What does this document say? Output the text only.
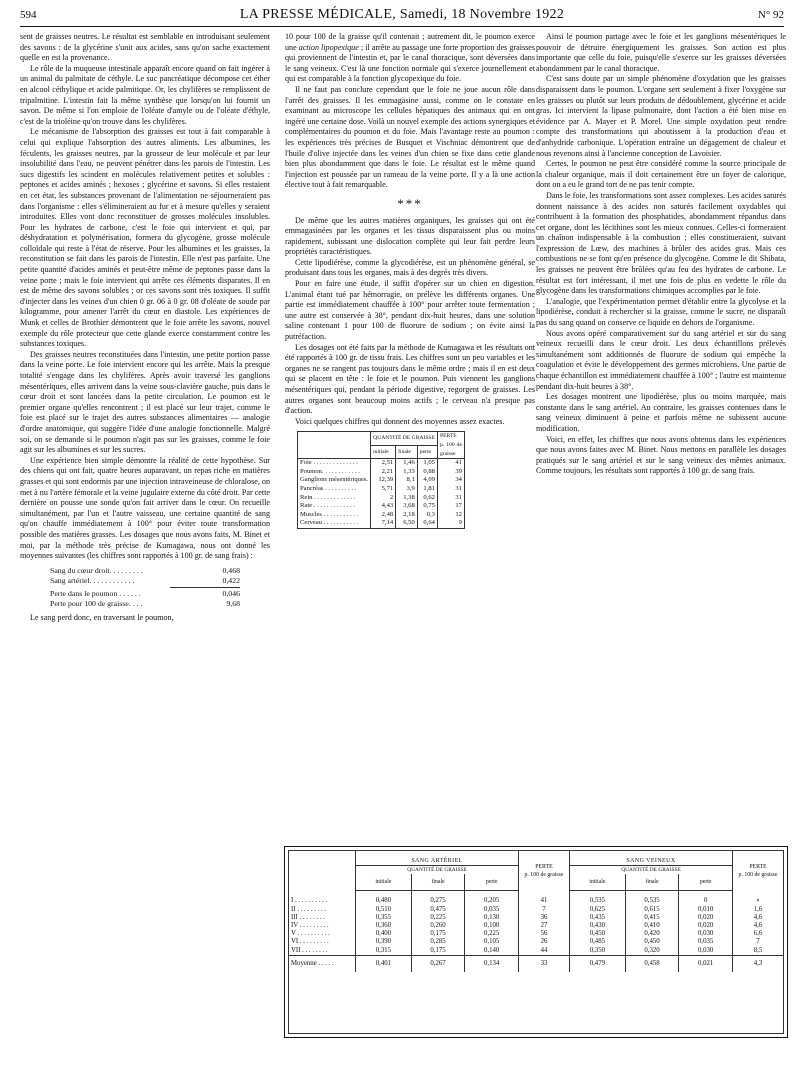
594	LA PRESSE MÉDICALE, Samedi, 18 Novembre 1922	N° 92

sent de graisses neutres. Le résultat est semblable en introduisant seulement des savons : de la glycérine s'unit aux acides, sans qu'on sache exactement quelle en est la provenance.

Le rôle de la muqueuse intestinale apparaît encore quand on fait ingérer à un animal du palmitate de céthyle. Le suc pancréatique décompose cet éther en alcool céthylique et acide palmitique. Or, les chylifères se remplissent de tripalmitine. L'intestin fait la même synthèse que lorsqu'on lui fournit un savon. De même si l'on emploie de l'oléate d'amyle ou de l'oléate d'éthyle, c'est de la trioléine qu'on trouve dans les chylifères.

Le mécanisme de l'absorption des graisses est tout à fait comparable à celui qui explique l'absorption des autres aliments. Les albumines, les féculents, les graisses neutres, par la grosseur de leur molécule et par leur insolubilité dans l'eau, ne peuvent pénétrer dans les parois de l'intestin. Les sucs digestifs les scindent en molécules relativement petites et solubles : peptones et acides aminés ; hexoses ; glycérine et savons. Si elles restaient en cet état, les substances provenant de l'alimentation ne séjourneraient pas dans l'organisme : elles s'élimineraient au fur et à mesure qu'elles y seraient introduites. Elles vont donc reconstituer de grosses molécules insolubles. Pour les hydrates de carbone, c'est le foie qui intervient et qui, par déshydratation et polymérisation, formera du glycogène, grosse molécule colloïdale qui reste à l'état de réserve. Pour les albumines et les graisses, la reconstitution se fait dans les parois de l'intestin. Elle n'est pas parfaite. Une petite quantité d'acides aminés et peut-être même de peptones passe dans la veine porte ; mais le foie intervient qui arrête ces éléments disparates. Il en est de même des savons solubles ; or ces savons sont très toxiques. Il suffit d'injecter dans les veines d'un chien 0 gr. 06 à 0 gr. 08 d'oléate de soude par kilogramme, pour amener l'arrêt du cœur en diastole. Les expériences de Munk et celles de Brothier démontrent que le foie arrête les savons, nouvel exemple du rôle protecteur que cette glande exerce constamment contre les substances toxiques.

Des graisses neutres reconstituées dans l'intestin, une petite portion passe dans la veine porte. Le foie intervient encore qui les arrête. Mais la presque totalité s'engage dans les chylifères. Après avoir traversé les ganglions mésentériques, elles arrivent dans la veine sous-clavière gauche, puis dans le cœur droit et sont lancées dans la petite circulation. Le poumon est le premier organe qu'elles rencontrent ; il est placé sur leur trajet, comme le foie est placé sur le trajet des autres substances alimentaires — analogie d'ordre anatomique, qui suggère l'idée d'une analogie fonctionnelle. Malgré soi, on se demande si le poumon n'agit pas sur les graisses, comme le foie agit sur les albumines et sur les sucres.

Une expérience bien simple démontre la réalité de cette hypothèse. Sur des chiens qui ont fait, quatre heures auparavant, un repas riche en matières grasses et qui sont endormis par une injection intraveineuse de chloralose, on met à nu l'artère fémorale et la veine jugulaire externe du côté droit. Par cette dernière on pousse une sonde qu'on fait arriver dans le cœur. On recueille simultanément, par l'un et l'autre vaisseau, une certaine quantité de sang qu'on chauffe immédiatement à 100° pour éviter toute transformation possible des matières grasses. Les dosages que nous avons faits, M. Binet et moi, par la méthode très précise de Kumagawa, nous ont donné les moyennes suivantes (les chiffres sont rapportés à 100 gr. de sang frais) :

Sang du cœur droit. . . . . . . . .	0,468
Sang artériel. . . . . . . . . . . .	0,422
Perte dans le poumon . . . . . .	0,046
Perte pour 100 de graisse. . . .	9,68

Le sang perd donc, en traversant le poumon,

10 pour 100 de la graisse qu'il contenait ; autrement dit, le poumon exerce une action lipopexique ; il arrête au passage une forte proportion des graisses qui proviennent de l'intestin et, par le canal thoracique, sont déversées dans le sang veineux. C'est là une fonction normale qui s'exerce journellement et qui est comparable à la fonction glycopexique du foie.

Il ne faut pas conclure cependant que le foie ne joue aucun rôle dans l'arrêt des graisses. Il les emmagasine aussi, comme on le constate en examinant au microscope les cellules hépatiques des animaux qui en ont ingéré une certaine dose. Voilà un nouvel exemple des actions synergiques et complémentaires du poumon et du foie. Mais l'avantage reste au poumon : les expériences très précises de Busquet et Vischniac démontrent que de l'huile d'olive injectée dans les veines d'un chien se fixe dans cette glande bien plus abondamment que dans le foie. Le résultat est le même quand l'injection est poussée par un rameau de la veine porte. Il y a là une action élective tout à fait remarquable.

***

De même que les autres matières organiques, les graisses qui ont été emmagasinées par les organes et les tissus disparaissent plus ou moins rapidement, subissant une dislocation complète qui leur fait perdre leurs propriétés caractéristiques.

Cette lipodiérèse, comme la glycodiérèse, est un phénomène général, se produisant dans tous les organes, mais à des degrés très divers.

Pour en faire une étude, il suffit d'opérer sur un chien en digestion. L'animal étant tué par hémorragie, on prélève les différents organes. Une partie est immédiatement chauffée à 100° pour arrêter toute fermentation ; une autre est conservée à 38°, pendant dix-huit heures, dans une solution saline contenant 1 pour 100 de fluorure de sodium ; on évite ainsi la putréfaction.

Les dosages ont été faits par la méthode de Kumagawa et les résultats ont été rapportés à 100 gr. de tissu frais. Les chiffres sont un peu variables et les organes ne se rangent pas toujours dans le même ordre ; mais il en est deux qui se placent en tête : le foie et le poumon. Puis viennent les ganglions mésentériques qui, pendant la période digestive, regorgent de graisses. Les autres organes sont beaucoup moins actifs ; le cerveau n'a presque pas d'action.

Voici quelques chiffres qui donnent des moyennes assez exactes.

	QUANTITÉ DE GRAISSE			PERTE p. 100 de graisse
	initiale	finale	perte	
Foie . . . . . . . . . . . . . .	2,51	1,46	1,05	41
Poumon. . . . . . . . . . . .	2,21	1,33	0,88	39
Ganglions mésentériques.	12,39	8,1	4,09	34
Pancréas . . . . . . . . . .	5,71	3,9	1,81	31
Rein . . . . . . . . . . . . .	2	1,38	0,62	31
Rate . . . . . . . . . . . . .	4,43	3,68	0,75	17
Muscles . . . . . . . . . . .	2,48	2,18	0,3	12
Cerveau . . . . . . . . . . .	7,14	6,50	0,64	9

Ainsi le poumon partage avec le foie et les ganglions mésentériques le pouvoir de détruire énergiquement les graisses. Son action est plus importante que celle du foie, puisqu'elle s'exerce sur les graisses déversées abondamment par le canal thoracique.

C'est sans doute par un simple phénomène d'oxydation que les graisses disparaissent dans le poumon. L'organe sert seulement à fixer l'oxygène sur les graisses ou plutôt sur leurs produits de dédoublement, glycérine et acide gras. Ici intervient la lipase pulmonaire, dont l'action a été bien mise en évidence par A. Mayer et P. Morel. Une simple oxydation peut rendre compte des transformations qui aboutissent à la production d'eau et d'anhydride carbonique. L'opération entraîne un dégagement de chaleur et nous revenons ainsi à l'ancienne conception de Lavoisier.

Certes, le poumon ne peut être considéré comme la source principale de la chaleur organique, mais il doit certainement être un foyer de calorique, dont on a eu le grand tort de ne pas tenir compte.

Dans le foie, les transformations sont assez complexes. Les acides saturés donnent naissance à des acides non saturés facilement oxydables qui contribuent à la formation des phosphatides, abondamment répandus dans cet organe, dont les lécithines sont les mieux connues. Celles-ci formeraient un chaînon indispensable à la combustion ; elles constitueraient, suivant l'expression de Lœw, des machines à brûler des acides gras. Mais ces combustions ne se font qu'en présence du glycogène. Comme le dit Shibata, les graisses ne peuvent être brûlées qu'au feu des hydrates de carbone. Le résultat est fort intéressant, il met une fois de plus en vedette le rôle du glycogène dans les transformations chimiques accomplies par le foie.

L'analogie, que l'expérimentation permet d'établir entre la glycolyse et la lipodiérèse, conduit à rechercher si la graisse, comme le sucre, ne disparaît pas du sang quand on conserve ce liquide en dehors de l'organisme.

Nous avons opéré comparativement sur du sang artériel et sur du sang veineux recueilli dans le cœur droit. Les deux échantillons prélevés simultanément sont additionnés de fluorure de sodium qui empêche la coagulation et évite le développement des germes microbiens. Une partie de chaque échantillon est immédiatement chauffée à 100° ; l'autre est maintenue pendant dix-huit heures à 38°.

Les dosages montrent une lipodiérèse, plus ou moins marquée, mais constante dans le sang artériel. Au contraire, les graisses contenues dans le sang veineux diminuent à peine et parfois même ne subissent aucune modification.

Voici, en effet, les chiffres que nous avons obtenus dans les expériences que nous avons faites avec M. Binet. Nous mettons en parallèle les dosages pratiqués sur le sang artériel et sur le sang veineux des mêmes animaux. Comme toujours, les résultats sont rapportés à 100 gr. de sang frais.

	SANG ARTÉRIEL			PERTE
p. 100 de graisse	SANG VEINEUX			PERTE
p. 100 de graisse
	QUANTITÉ DE GRAISSE				QUANTITÉ DE GRAISSE			
	initiale	finale	perte		initiale	finale	perte	
I . . . . . . . . . .	0,480	0,275	0,205	41	0,535	0,535	0	»
II . . . . . . . . .	0,510	0,475	0,035	7	0,625	0,615	0,010	1,6
III . . . . . . . .	0,355	0,225	0,130	36	0,435	0,415	0,020	4,6
IV . . . . . . . . .	0,360	0,260	0,100	27	0,430	0,410	0,020	4,6
V . . . . . . . . . .	0,400	0,175	0,225	56	0,450	0,420	0,030	6,6
VI . . . . . . . . .	0,390	0,285	0,105	26	0,485	0,450	0,035	7
VII . . . . . . . .	0,315	0,175	0,140	44	0,350	0,320	0,030	8,5
Moyenne . . . . .	0,401	0,267	0,134	33	0,479	0,458	0,021	4,3
